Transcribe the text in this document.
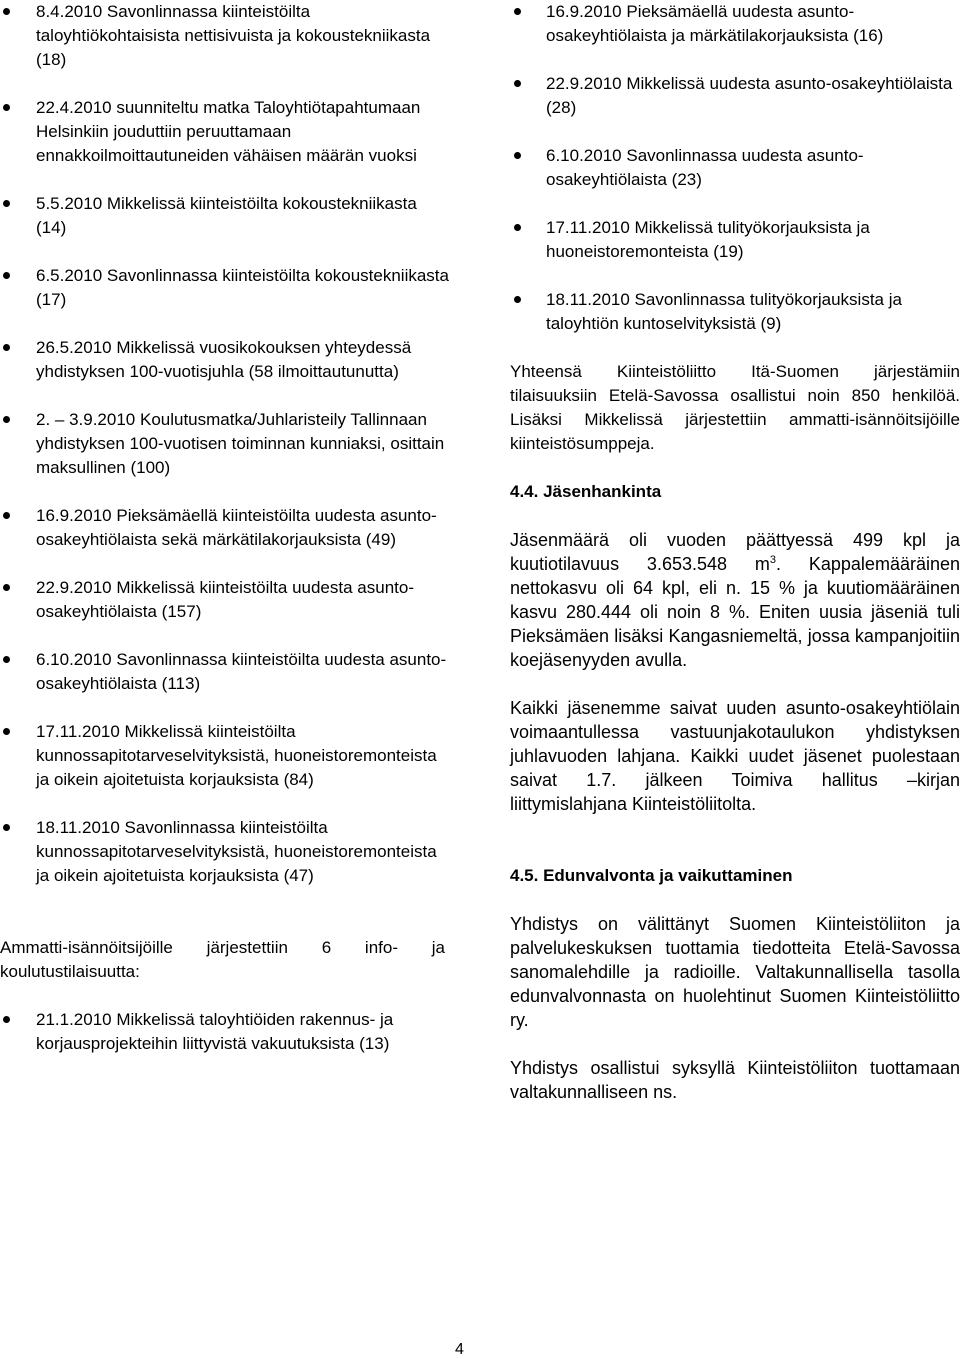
8.4.2010 Savonlinnassa kiinteistöilta taloyhtiökohtaisista nettisivuista ja kokoustekniikasta (18)
22.4.2010 suunniteltu matka Taloyhtiötapahtumaan Helsinkiin jouduttiin peruuttamaan ennakkoilmoittautuneiden vähäisen määrän vuoksi
5.5.2010 Mikkelissä kiinteistöilta kokoustekniikasta (14)
6.5.2010 Savonlinnassa kiinteistöilta kokoustekniikasta (17)
26.5.2010 Mikkelissä vuosikokouksen yhteydessä yhdistyksen 100-vuotisjuhla (58 ilmoittautunutta)
2. – 3.9.2010 Koulutusmatka/Juhlaristeily Tallinnaan yhdistyksen 100-vuotisen toiminnan kunniaksi, osittain maksullinen (100)
16.9.2010 Pieksämäellä kiinteistöilta uudesta asunto-osakeyhtiölaista sekä märkätilakorjauksista (49)
22.9.2010 Mikkelissä kiinteistöilta uudesta asunto-osakeyhtiölaista (157)
6.10.2010 Savonlinnassa kiinteistöilta uudesta asunto-osakeyhtiölaista (113)
17.11.2010 Mikkelissä kiinteistöilta kunnossapitotarveselvityksistä, huoneistoremonteista ja oikein ajoitetuista korjauksista (84)
18.11.2010 Savonlinnassa kiinteistöilta kunnossapitotarveselvityksistä, huoneistoremonteista ja oikein ajoitetuista korjauksista (47)

Ammatti-isännöitsijöille järjestettiin 6 info- ja koulutustilaisuutta:

21.1.2010 Mikkelissä taloyhtiöiden rakennus- ja korjausprojekteihin liittyvistä vakuutuksista (13)
16.9.2010 Pieksämäellä uudesta asunto-osakeyhtiölaista ja märkätilakorjauksista (16)
22.9.2010 Mikkelissä uudesta asunto-osakeyhtiölaista (28)
6.10.2010 Savonlinnassa uudesta asunto-osakeyhtiölaista (23)
17.11.2010 Mikkelissä tulityökorjauksista ja huoneistoremonteista (19)
18.11.2010 Savonlinnassa tulityökorjauksista ja taloyhtiön kuntoselvityksistä (9)

Yhteensä Kiinteistöliitto Itä-Suomen järjestämiin tilaisuuksiin Etelä-Savossa osallistui noin 850 henkilöä. Lisäksi Mikkelissä järjestettiin ammatti-isännöitsijöille kiinteistösumppeja.

4.4. Jäsenhankinta

Jäsenmäärä oli vuoden päättyessä 499 kpl ja kuutiotilavuus 3.653.548 $m^3$. Kappalemääräinen nettokasvu oli 64 kpl, eli n. 15 % ja kuutiomääräinen kasvu 280.444 oli noin 8 %. Eniten uusia jäseniä tuli Pieksämäen lisäksi Kangasniemeltä, jossa kampanjoitiin koejäsenyyden avulla.

Kaikki jäsenemme saivat uuden asunto-osakeyhtiölain voimaantullessa vastuunjakotaulukon yhdistyksen juhlavuoden lahjana. Kaikki uudet jäsenet puolestaan saivat 1.7. jälkeen Toimiva hallitus –kirjan liittymislahjana Kiinteistöliitolta.

4.5. Edunvalvonta ja vaikuttaminen

Yhdistys on välittänyt Suomen Kiinteistöliiton ja palvelukeskuksen tuottamia tiedotteita Etelä-Savossa sanomalehdille ja radioille. Valtakunnallisella tasolla edunvalvonnasta on huolehtinut Suomen Kiinteistöliitto ry.

Yhdistys osallistui syksyllä Kiinteistöliiton tuottamaan valtakunnalliseen ns.

4
